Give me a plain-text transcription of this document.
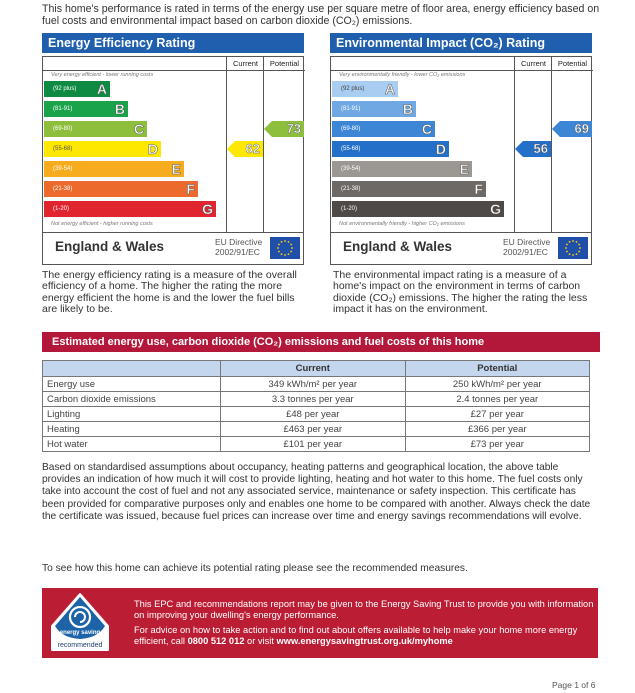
This home's performance is rated in terms of the energy use per square metre of floor area, energy efficiency based on fuel costs and environmental impact based on carbon dioxide (CO₂) emissions.
Energy Efficiency Rating
Current	Potential
Very energy efficient - lower running costs
Not energy efficient - higher running costs
(92 plus) A
(81-91)	B
(69-80)	C
(55-68)	D
(39-54)	E
(21-38)	F
(1-20)	G
England & Wales	EU Directive
2002/91/EC
62
73
Environmental Impact (CO₂) Rating
Current	Potential
Very environmentally friendly - lower CO₂ emissions
Not environmentally friendly - higher CO₂ emissions
(92 plus) A
(81-91)	B
(69-80)	C
(55-68)	D
(39-54)	E
(21-38)	F
(1-20)	G
England & Wales	EU Directive
2002/91/EC
56
69
The energy efficiency rating is a measure of the overall efficiency of a home. The higher the rating the more energy efficient the home is and the lower the fuel bills are likely to be.
The environmental impact rating is a measure of a home's impact on the environment in terms of carbon dioxide (CO₂) emissions. The higher the rating the less impact it has on the environment.
Estimated energy use, carbon dioxide (CO₂) emissions and fuel costs of this home
	Current	Potential
Energy use	349 kWh/m² per year	250 kWh/m² per year
Carbon dioxide emissions	3.3 tonnes per year	2.4 tonnes per year
Lighting	£48 per year	£27 per year
Heating	£463 per year	£366 per year
Hot water	£101 per year	£73 per year
Based on standardised assumptions about occupancy, heating patterns and geographical location, the above table provides an indication of how much it will cost to provide lighting, heating and hot water to this home. The fuel costs only take into account the cost of fuel and not any associated service, maintenance or safety inspection. This certificate has been provided for comparative purposes only and enables one home to be compared with another. Always check the date the certificate was issued, because fuel prices can increase over time and energy savings recommendations will evolve.
To see how this home can achieve its potential rating please see the recommended measures.
energy saving
recommended

This EPC and recommendations report may be given to the Energy Saving Trust to provide you with information on improving your dwelling's energy performance.

For advice on how to take action and to find out about offers available to help make your home more energy efficient, call 0800 512 012 or visit www.energysavingtrust.org.uk/myhome

Page 1 of 6
